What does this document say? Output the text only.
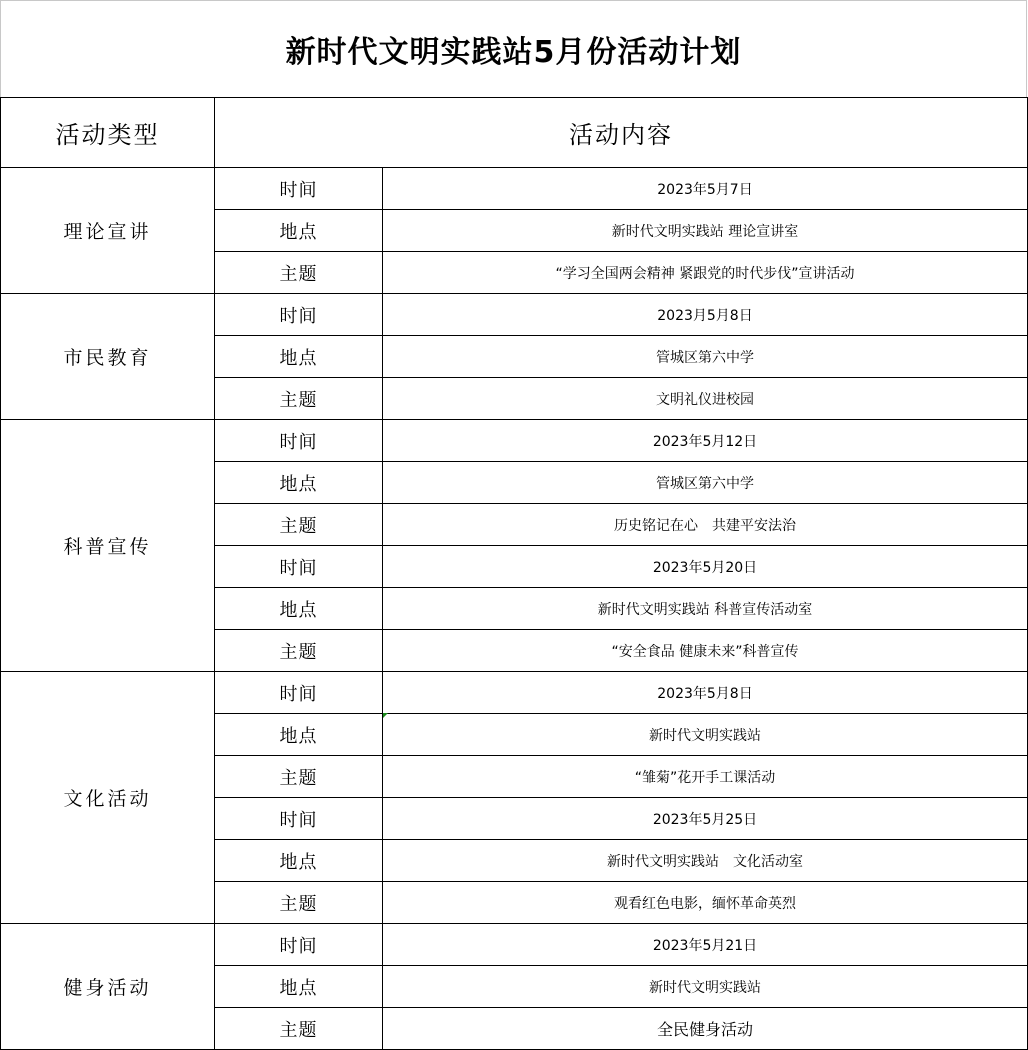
新时代文明实践站5月份活动计划
活动类型	活动内容	
理论宣讲	时间	2023年5月7日
	地点	新时代文明实践站 理论宣讲室
	主题	“学习全国两会精神 紧跟党的时代步伐”宣讲活动
市民教育	时间	2023月5月8日
	地点	管城区第六中学
	主题	文明礼仪进校园
科普宣传	时间	2023年5月12日
	地点	管城区第六中学
	主题	历史铭记在心　共建平安法治
	时间	2023年5月20日
	地点	新时代文明实践站 科普宣传活动室
	主题	“安全食品 健康未来”科普宣传
文化活动	时间	2023年5月8日
	地点	新时代文明实践站
	主题	“雏菊”花开手工课活动
	时间	2023年5月25日
	地点	新时代文明实践站　文化活动室
	主题	观看红色电影，缅怀革命英烈
健身活动	时间	2023年5月21日
	地点	新时代文明实践站
	主题	全民健身活动
